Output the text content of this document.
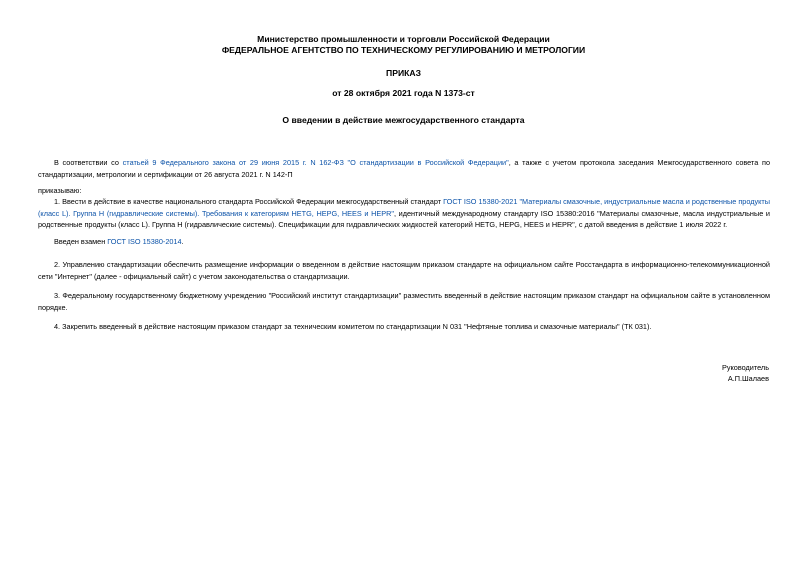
Министерство промышленности и торговли Российской Федерации
ФЕДЕРАЛЬНОЕ АГЕНТСТВО ПО ТЕХНИЧЕСКОМУ РЕГУЛИРОВАНИЮ И МЕТРОЛОГИИ
ПРИКАЗ
от 28 октября 2021 года N 1373-ст
О введении в действие межгосударственного стандарта
В соответствии со статьей 9 Федерального закона от 29 июня 2015 г. N 162-ФЗ "О стандартизации в Российской Федерации", а также с учетом протокола заседания Межгосударственного совета по стандартизации, метрологии и сертификации от 26 августа 2021 г. N 142-П
приказываю:
1. Ввести в действие в качестве национального стандарта Российской Федерации межгосударственный стандарт ГОСТ ISO 15380-2021 "Материалы смазочные, индустриальные масла и родственные продукты (класс L). Группа H (гидравлические системы). Требования к категориям HETG, HEPG, HEES и HEPR", идентичный международному стандарту ISO 15380:2016 "Материалы смазочные, масла индустриальные и родственные продукты (класс L). Группа H (гидравлические системы). Спецификации для гидравлических жидкостей категорий HETG, HEPG, HEES и HEPR", с датой введения в действие 1 июля 2022 г.
Введен взамен ГОСТ ISO 15380-2014.
2. Управлению стандартизации обеспечить размещение информации о введенном в действие настоящим приказом стандарте на официальном сайте Росстандарта в информационно-телекоммуникационной сети "Интернет" (далее - официальный сайт) с учетом законодательства о стандартизации.
3. Федеральному государственному бюджетному учреждению "Российский институт стандартизации" разместить введенный в действие настоящим приказом стандарт на официальном сайте в установленном порядке.
4. Закрепить введенный в действие настоящим приказом стандарт за техническим комитетом по стандартизации N 031 "Нефтяные топлива и смазочные материалы" (ТК 031).
Руководитель
А.П.Шалаев
